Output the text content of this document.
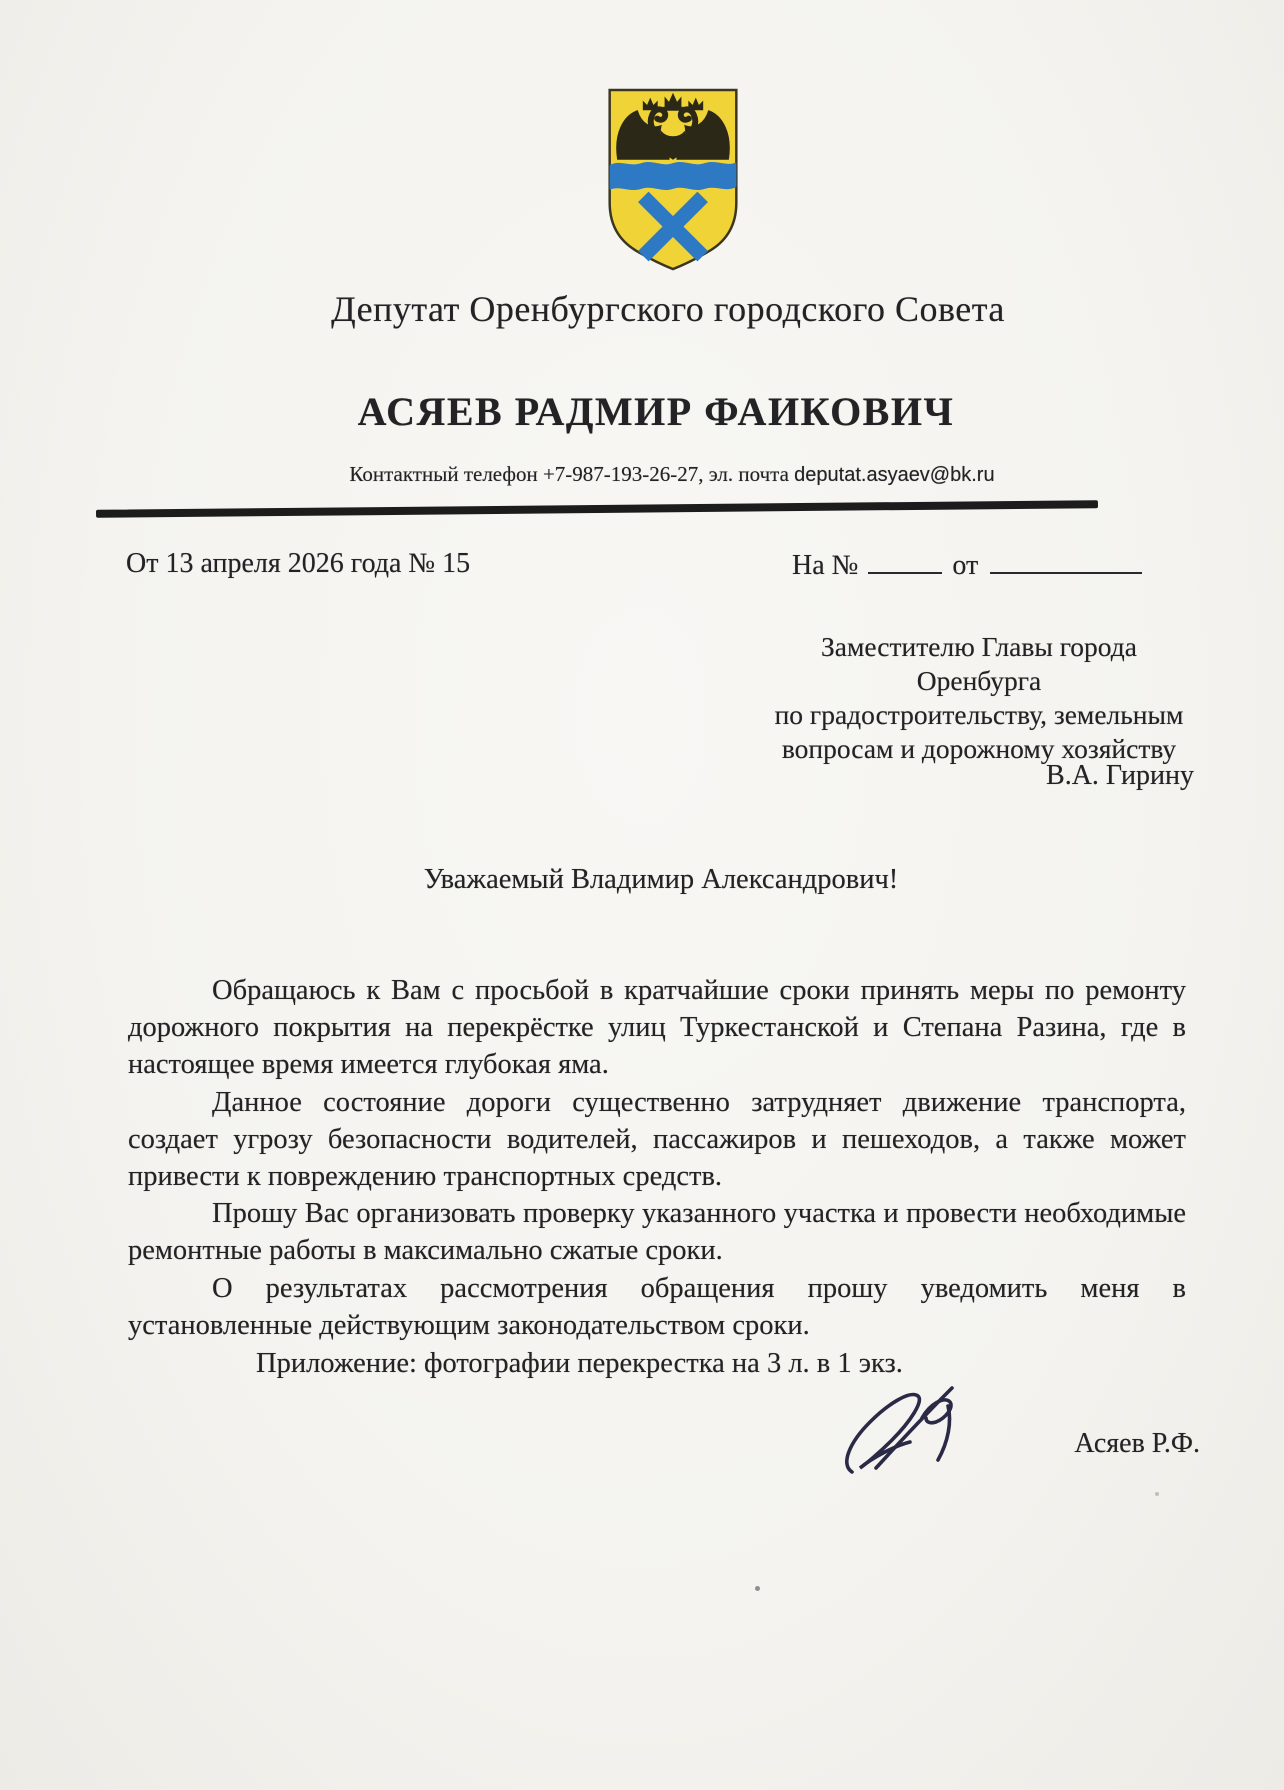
Депутат Оренбургского городского Совета
АСЯЕВ РАДМИР ФАИКОВИЧ
Контактный телефон +7-987-193-26-27, эл. почта deputat.asyaev@bk.ru
От 13 апреля 2026 года № 15	На №	от
Заместителю Главы города Оренбурга
по градостроительству, земельным
вопросам и дорожному хозяйству
В.А. Гирину
Уважаемый Владимир Александрович!

Обращаюсь к Вам с просьбой в кратчайшие сроки принять меры по ремонту дорожного покрытия на перекрёстке улиц Туркестанской и Степана Разина, где в настоящее время имеется глубокая яма.

Данное состояние дороги существенно затрудняет движение транспорта, создает угрозу безопасности водителей, пассажиров и пешеходов, а также может привести к повреждению транспортных средств.

Прошу Вас организовать проверку указанного участка и провести необходимые ремонтные работы в максимально сжатые сроки.

О результатах рассмотрения обращения прошу уведомить меня в установленные действующим законодательством сроки.

Приложение: фотографии перекрестка на 3 л. в 1 экз.
Асяев Р.Ф.
